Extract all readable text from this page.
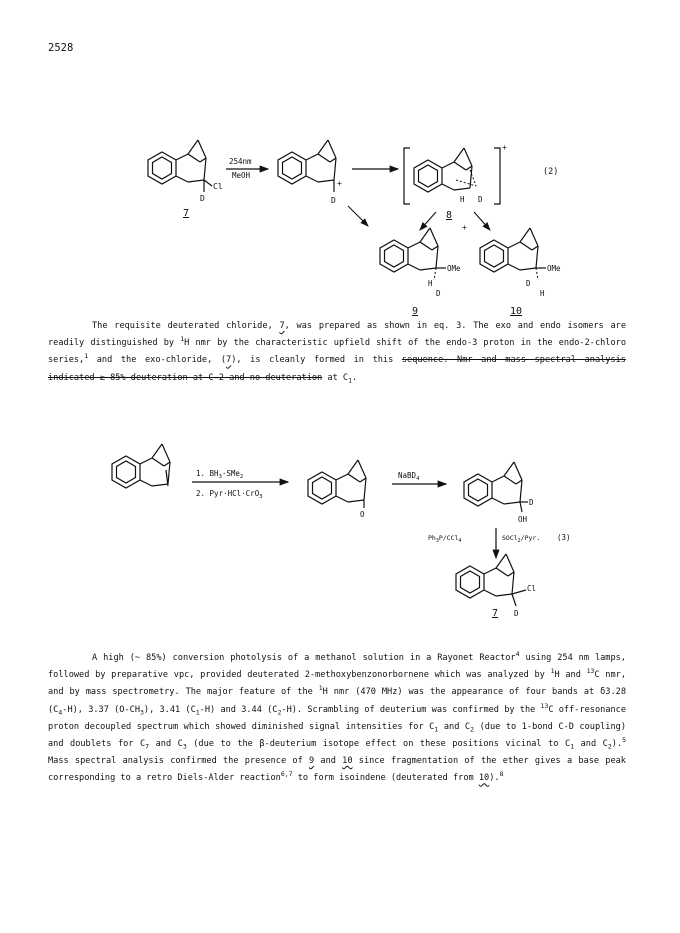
2528
Cl
D
7
254nm
MeOH
+
D
+
H D
8
(2)
+
OMe
H
D
9
OMe
D
H
10

The requisite deuterated chloride, 7, was prepared as shown in eq. 3. The exo and endo isomers are readily distinguished by $^1$H nmr by the characteristic upfield shift of the endo-3 proton in the endo-2-chloro series,$^1$ and the exo-chloride, (7), is cleanly formed in this sequence. Nmr and mass spectral analysis indicated ≥ 85% deuteration at C-2 and no deuteration at $C_1$.

1. $BH_3\cdot SMe_2$
2. Pyr·HCl·CrO$_3$
O
NaBD$_4$
D
OH
$Ph_3P/CCl_4$	SOCl$_2$/Pyr. (3)
Cl
D
7

A high (~ 85%) conversion photolysis of a methanol solution in a Rayonet Reactor$^4$ using 254 nm lamps, followed by preparative vpc, provided deuterated 2-methoxybenzonorbornene which was analyzed by $^1$H and $^{13}$C nmr, and by mass spectrometry. The major feature of the $^1$H nmr (470 MHz) was the appearance of four bands at δ3.28 $(C_4-H)$, 3.37 $(O-CH_3)$, 3.41 $(C_1-H)$ and 3.44 $(C_2-H)$. Scrambling of deuterium was confirmed by the $^{13}$C off-resonance proton decoupled spectrum which showed diminished signal intensities for $C_1$ and $C_2$ (due to 1-bond C-D coupling) and doublets for $C_7$ and $C_3$ (due to the β-deuterium isotope effect on these positions vicinal to $C_1$ and $C_2).^5$ Mass spectral analysis confirmed the presence of 9 and 10 since fragmentation of the ether gives a base peak corresponding to a retro Diels-Alder reaction$^{6,7}$ to form isoindene (deuterated from 10).$^8$
